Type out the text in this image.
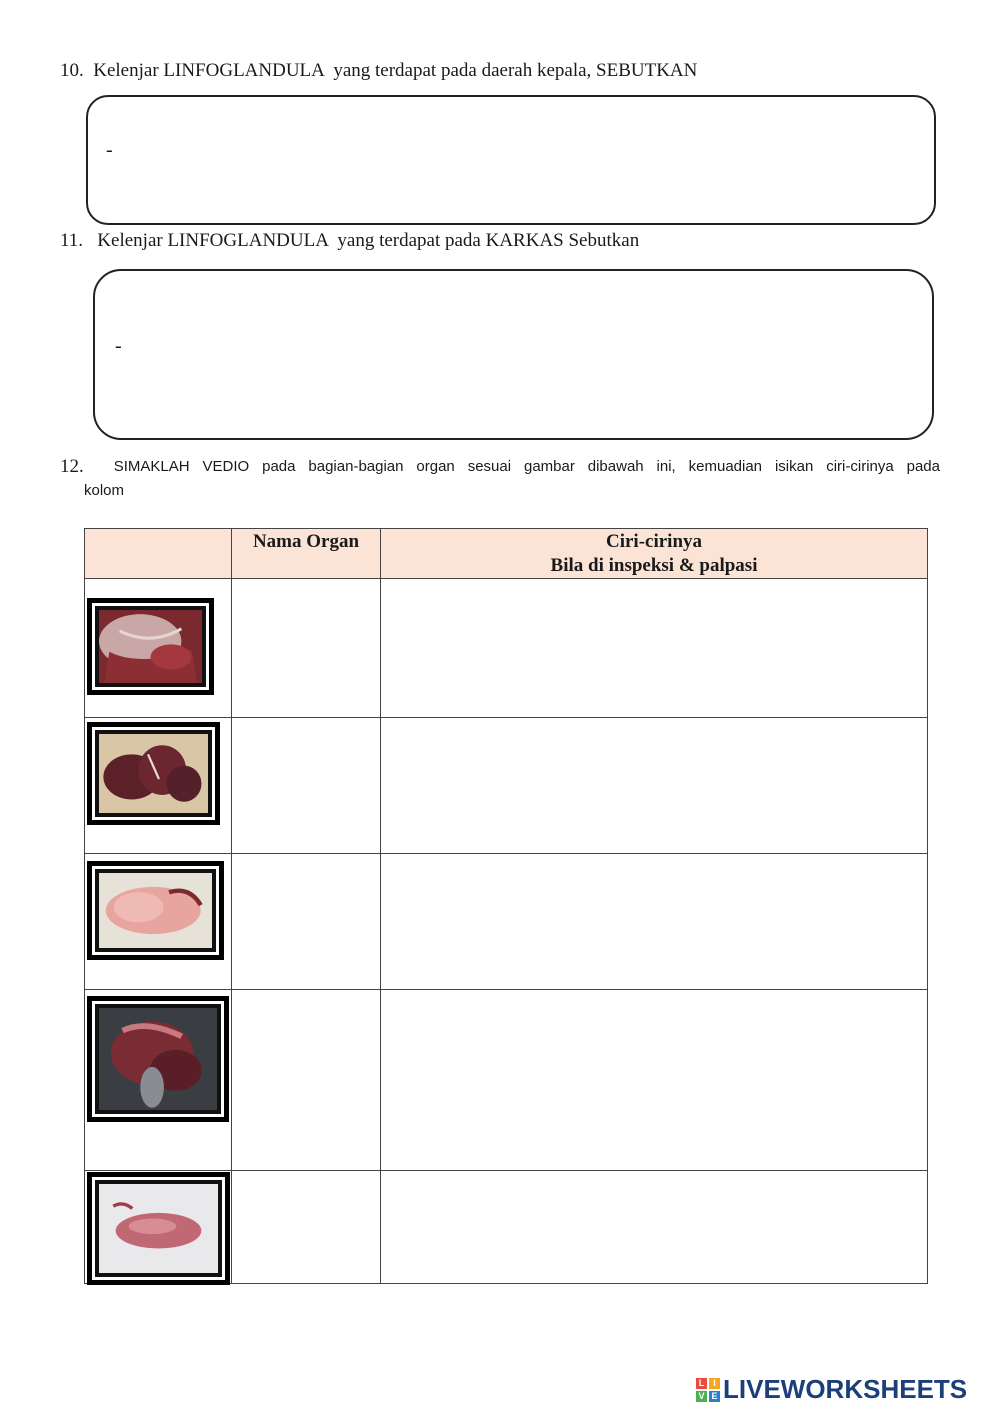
10. Kelenjar LINFOGLANDULA  yang terdapat pada daerah kepala, SEBUTKAN
-
11. Kelenjar LINFOGLANDULA  yang terdapat pada KARKAS Sebutkan
-
12. SIMAKLAH VEDIO pada bagian-bagian organ sesuai gambar dibawah ini, kemuadian isikan ciri-cirinya pada
kolom
	Nama Organ	Ciri-cirinya
Bila di inspeksi & palpasi

L I
V E LIVEWORKSHEETS
